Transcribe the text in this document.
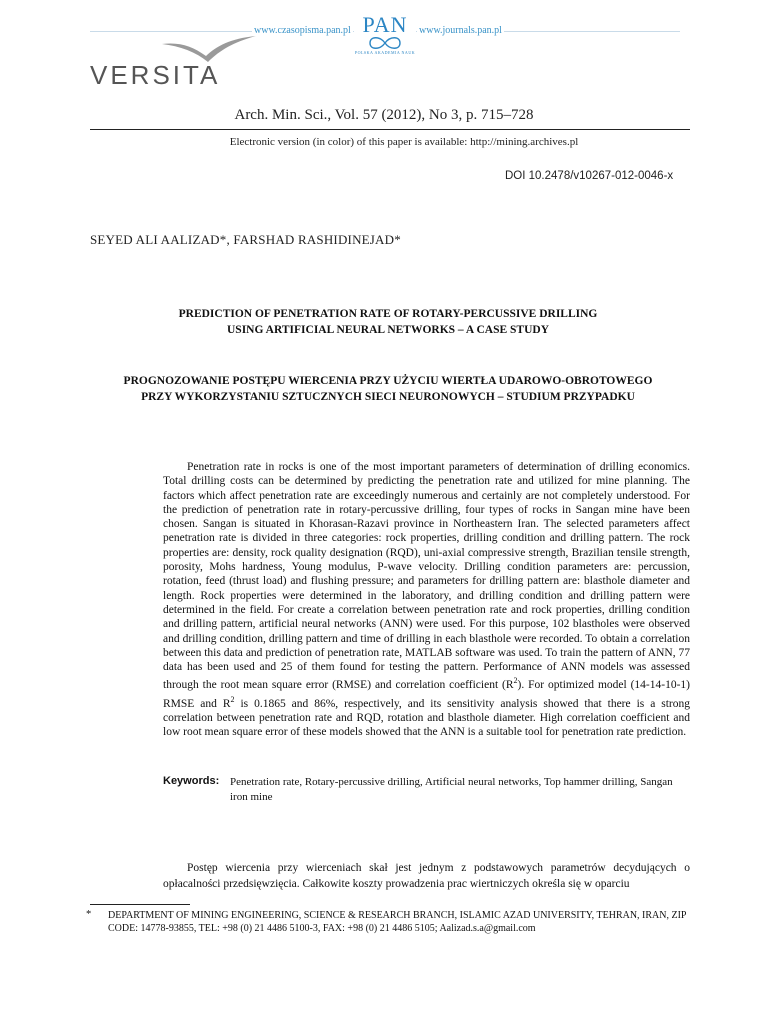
www.czasopisma.pan.pl PAN
POLSKA AKADEMIA NAUK
www.journals.pan.pl
VERSITA
Arch. Min. Sci., Vol. 57 (2012), No 3, p. 715–728
Electronic version (in color) of this paper is available: http://mining.archives.pl
DOI 10.2478/v10267-012-0046-x
SEYED ALI AALIZAD*, FARSHAD RASHIDINEJAD*
PREDICTION OF PENETRATION RATE OF ROTARY-PERCUSSIVE DRILLING
USING ARTIFICIAL NEURAL NETWORKS – A CASE STUDY
PROGNOZOWANIE POSTĘPU WIERCENIA PRZY UŻYCIU WIERTŁA UDAROWO-OBROTOWEGO
PRZY WYKORZYSTANIU SZTUCZNYCH SIECI NEURONOWYCH – STUDIUM PRZYPADKU
Penetration rate in rocks is one of the most important parameters of determination of drilling economics. Total drilling costs can be determined by predicting the penetration rate and utilized for mine planning. The factors which affect penetration rate are exceedingly numerous and certainly are not completely understood. For the prediction of penetration rate in rotary-percussive drilling, four types of rocks in Sangan mine have been chosen. Sangan is situated in Khorasan-Razavi province in Northeastern Iran. The selected parameters affect penetration rate is divided in three categories: rock properties, drilling condition and drilling pattern. The rock properties are: density, rock quality designation (RQD), uni-axial compressive strength, Brazilian tensile strength, porosity, Mohs hardness, Young modulus, P-wave velocity. Drilling condition parameters are: percussion, rotation, feed (thrust load) and flushing pressure; and parameters for drilling pattern are: blasthole diameter and length. Rock properties were determined in the laboratory, and drilling condition and drilling pattern were determined in the field. For create a correlation between penetration rate and rock properties, drilling condition and drilling pattern, artificial neural networks (ANN) were used. For this purpose, 102 blastholes were observed and drilling condition, drilling pattern and time of drilling in each blasthole were recorded. To obtain a correlation between this data and prediction of penetration rate, MATLAB software was used. To train the pattern of ANN, 77 data has been used and 25 of them found for testing the pattern. Performance of ANN models was assessed through the root mean square error (RMSE) and correlation coefficient $(R^2)$. For optimized model (14-14-10-1) RMSE and $R^2$ is 0.1865 and 86%, respectively, and its sensitivity analysis showed that there is a strong correlation between penetration rate and RQD, rotation and blasthole diameter. High correlation coefficient and low root mean square error of these models showed that the ANN is a suitable tool for penetration rate prediction.
Keywords: Penetration rate, Rotary-percussive drilling, Artificial neural networks, Top hammer drilling, Sangan iron mine
Postęp wiercenia przy wierceniach skał jest jednym z podstawowych parametrów decydujących o opłacalności przedsięwzięcia. Całkowite koszty prowadzenia prac wiertniczych określa się w oparciu
* DEPARTMENT OF MINING ENGINEERING, SCIENCE & RESEARCH BRANCH, ISLAMIC AZAD UNIVERSITY, TEHRAN, IRAN, ZIP CODE: 14778-93855, TEL: +98 (0) 21 4486 5100-3, FAX: +98 (0) 21 4486 5105; Aalizad.s.a@gmail.com
